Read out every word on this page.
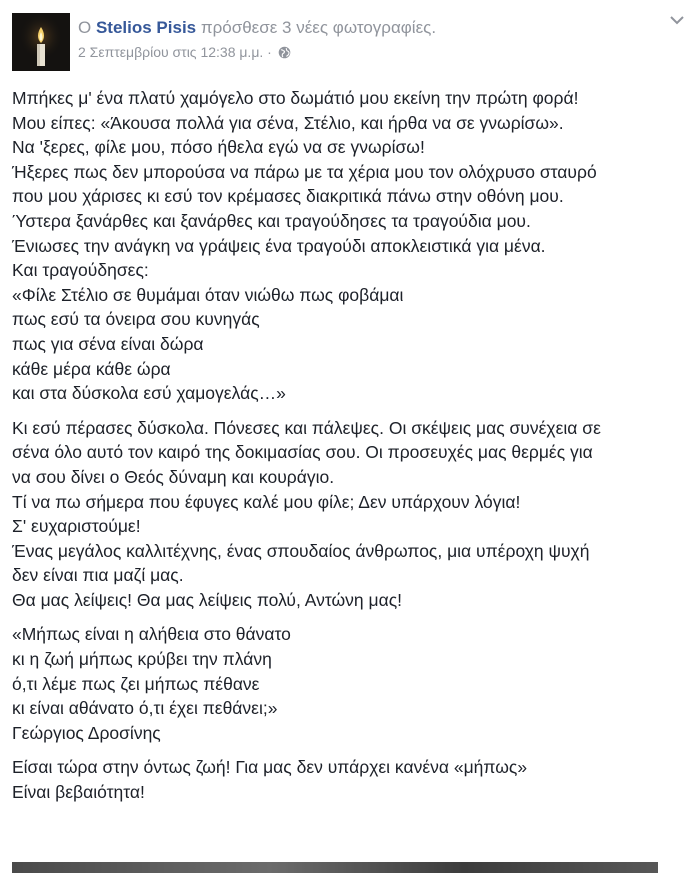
Ο Stelios Pisis πρόσθεσε 3 νέες φωτογραφίες.
2 Σεπτεμβρίου στις 12:38 μ.μ. ·

Μπήκες μ' ένα πλατύ χαμόγελο στο δωμάτιό μου εκείνη την πρώτη φορά!
Μου είπες: «Άκουσα πολλά για σένα, Στέλιο, και ήρθα να σε γνωρίσω».
Να 'ξερες, φίλε μου, πόσο ήθελα εγώ να σε γνωρίσω!
Ήξερες πως δεν μπορούσα να πάρω με τα χέρια μου τον ολόχρυσο σταυρό
που μου χάρισες κι εσύ τον κρέμασες διακριτικά πάνω στην οθόνη μου.
Ύστερα ξανάρθες και ξανάρθες και τραγούδησες τα τραγούδια μου.
Ένιωσες την ανάγκη να γράψεις ένα τραγούδι αποκλειστικά για μένα.
Και τραγούδησες:
«Φίλε Στέλιο σε θυμάμαι όταν νιώθω πως φοβάμαι
πως εσύ τα όνειρα σου κυνηγάς
πως για σένα είναι δώρα
κάθε μέρα κάθε ώρα
και στα δύσκολα εσύ χαμογελάς…»

Κι εσύ πέρασες δύσκολα. Πόνεσες και πάλεψες. Οι σκέψεις μας συνέχεια σε
σένα όλο αυτό τον καιρό της δοκιμασίας σου. Οι προσευχές μας θερμές για
να σου δίνει ο Θεός δύναμη και κουράγιο.
Τί να πω σήμερα που έφυγες καλέ μου φίλε; Δεν υπάρχουν λόγια!
Σ' ευχαριστούμε!
Ένας μεγάλος καλλιτέχνης, ένας σπουδαίος άνθρωπος, μια υπέροχη ψυχή
δεν είναι πια μαζί μας.
Θα μας λείψεις! Θα μας λείψεις πολύ, Αντώνη μας!

«Μήπως είναι η αλήθεια στο θάνατο
κι η ζωή μήπως κρύβει την πλάνη
ό,τι λέμε πως ζει μήπως πέθανε
κι είναι αθάνατο ό,τι έχει πεθάνει;»
Γεώργιος Δροσίνης

Είσαι τώρα στην όντως ζωή! Για μας δεν υπάρχει κανένα «μήπως»
Είναι βεβαιότητα!
